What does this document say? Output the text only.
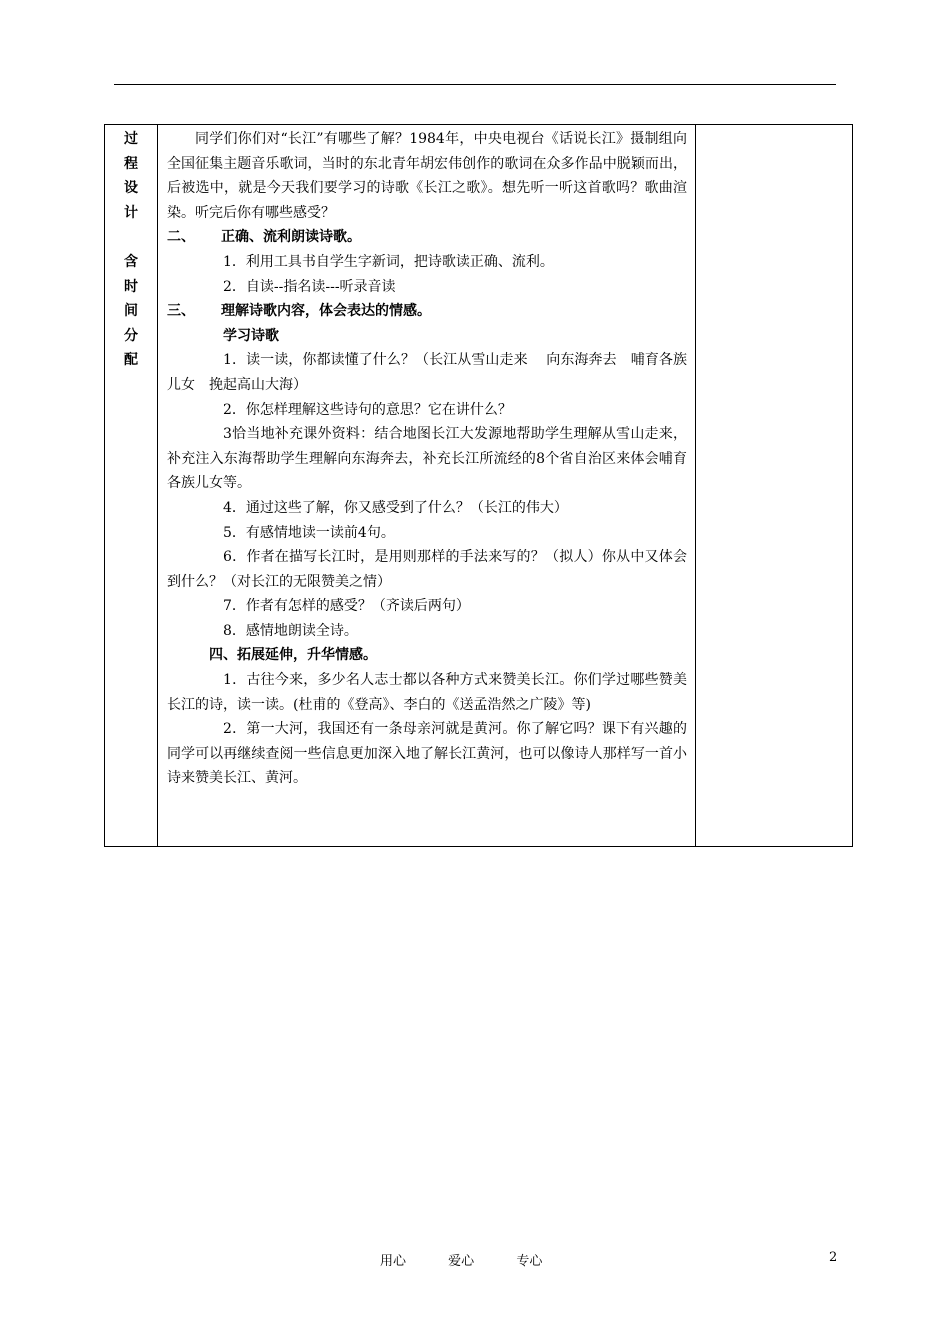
过
程
设
计
含
时
间
分
配

同学们你们对“长江”有哪些了解？1984年，中央电视台《话说长江》摄制组向全国征集主题音乐歌词，当时的东北青年胡宏伟创作的歌词在众多作品中脱颖而出，后被选中，就是今天我们要学习的诗歌《长江之歌》。想先听一听这首歌吗？歌曲渲染。听完后你有哪些感受？

二、 正确、流利朗读诗歌。

1．利用工具书自学生字新词，把诗歌读正确、流利。

2．自读--指名读---听录音读

三、 理解诗歌内容，体会表达的情感。

学习诗歌

1．读一读，你都读懂了什么？（长江从雪山走来　 向东海奔去　哺育各族儿女　挽起高山大海）

2．你怎样理解这些诗句的意思？它在讲什么？

3恰当地补充课外资料：结合地图长江大发源地帮助学生理解从雪山走来，补充注入东海帮助学生理解向东海奔去，补充长江所流经的8个省自治区来体会哺育各族儿女等。

4．通过这些了解，你又感受到了什么？（长江的伟大）

5．有感情地读一读前4句。

6．作者在描写长江时，是用则那样的手法来写的？（拟人）你从中又体会到什么？（对长江的无限赞美之情）

7．作者有怎样的感受？（齐读后两句）

8．感情地朗读全诗。

四、拓展延伸，升华情感。

1．古往今来，多少名人志士都以各种方式来赞美长江。你们学过哪些赞美长江的诗，读一读。(杜甫的《登高》、李白的《送孟浩然之广陵》等)

2．第一大河，我国还有一条母亲河就是黄河。你了解它吗？课下有兴趣的同学可以再继续查阅一些信息更加深入地了解长江黄河，也可以像诗人那样写一首小诗来赞美长江、黄河。

用心	爱心	专心	2
